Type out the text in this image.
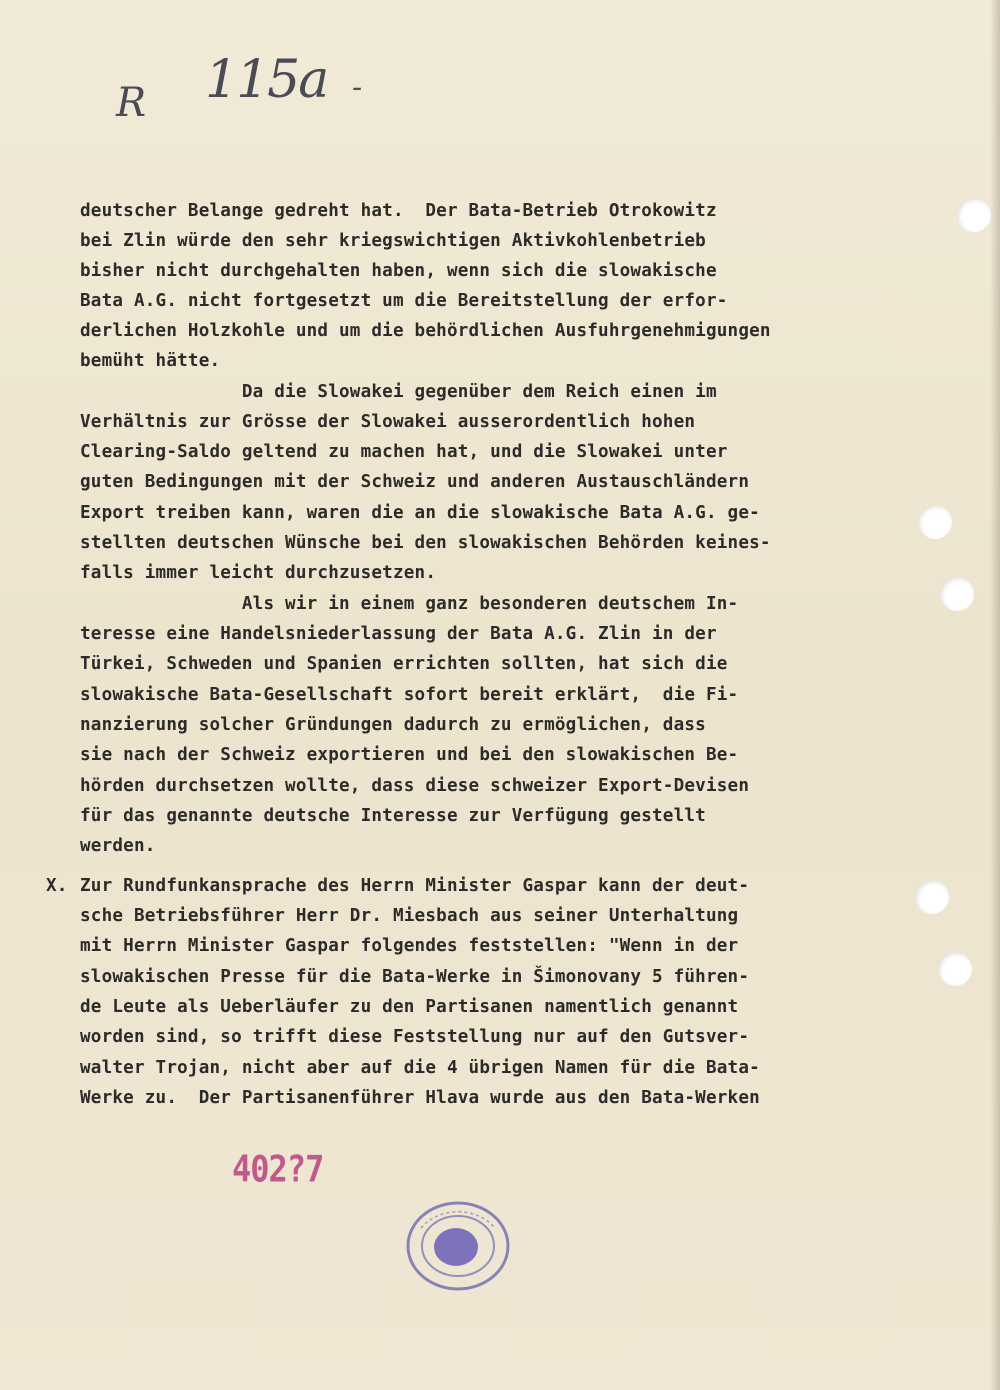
R 115a -

deutscher Belange gedreht hat.  Der Bata-Betrieb Otrokowitz

bei Zlin würde den sehr kriegswichtigen Aktivkohlenbetrieb

bisher nicht durchgehalten haben, wenn sich die slowakische

Bata A.G. nicht fortgesetzt um die Bereitstellung der erfor-

derlichen Holzkohle und um die behördlichen Ausfuhrgenehmigungen

bemüht hätte.

Da die Slowakei gegenüber dem Reich einen im

Verhältnis zur Grösse der Slowakei ausserordentlich hohen

Clearing-Saldo geltend zu machen hat, und die Slowakei unter

guten Bedingungen mit der Schweiz und anderen Austauschländern

Export treiben kann, waren die an die slowakische Bata A.G. ge-

stellten deutschen Wünsche bei den slowakischen Behörden keines-

falls immer leicht durchzusetzen.

Als wir in einem ganz besonderen deutschem In-

teresse eine Handelsniederlassung der Bata A.G. Zlin in der

Türkei, Schweden und Spanien errichten sollten, hat sich die

slowakische Bata-Gesellschaft sofort bereit erklärt,  die Fi-

nanzierung solcher Gründungen dadurch zu ermöglichen, dass

sie nach der Schweiz exportieren und bei den slowakischen Be-

hörden durchsetzen wollte, dass diese schweizer Export-Devisen

für das genannte deutsche Interesse zur Verfügung gestellt

werden.

X.

Zur Rundfunkansprache des Herrn Minister Gaspar kann der deut-

sche Betriebsführer Herr Dr. Miesbach aus seiner Unterhaltung

mit Herrn Minister Gaspar folgendes feststellen: "Wenn in der

slowakischen Presse für die Bata-Werke in Šimonovany 5 führen-

de Leute als Ueberläufer zu den Partisanen namentlich genannt

worden sind, so trifft diese Feststellung nur auf den Gutsver-

walter Trojan, nicht aber auf die 4 übrigen Namen für die Bata-

Werke zu.  Der Partisanenführer Hlava wurde aus den Bata-Werken

402?7
